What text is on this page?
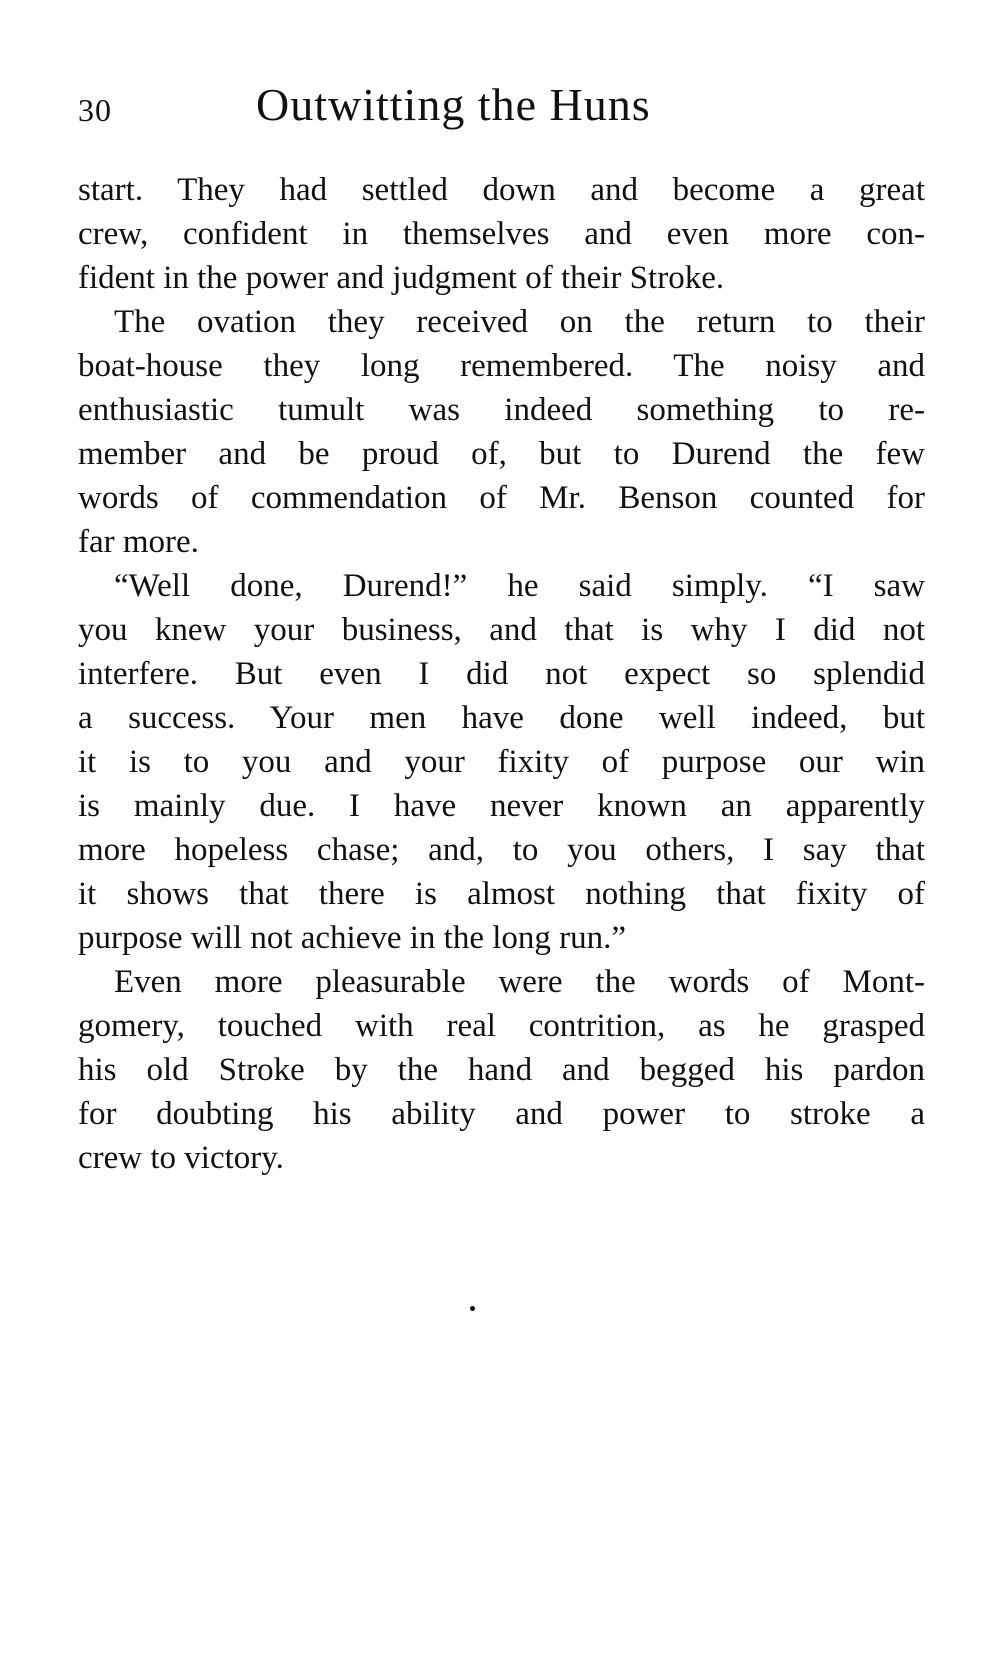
30	Outwitting the Huns
start. They had settled down and become a great
crew, confident in themselves and even more con-
fident in the power and judgment of their Stroke.
The ovation they received on the return to their
boat-house they long remembered. The noisy and
enthusiastic tumult was indeed something to re-
member and be proud of, but to Durend the few
words of commendation of Mr. Benson counted for
far more.
“Well done, Durend!” he said simply. “I saw
you knew your business, and that is why I did not
interfere. But even I did not expect so splendid
a success. Your men have done well indeed, but
it is to you and your fixity of purpose our win
is mainly due. I have never known an apparently
more hopeless chase; and, to you others, I say that
it shows that there is almost nothing that fixity of
purpose will not achieve in the long run.”
Even more pleasurable were the words of Mont-
gomery, touched with real contrition, as he grasped
his old Stroke by the hand and begged his pardon
for doubting his ability and power to stroke a
crew to victory.
